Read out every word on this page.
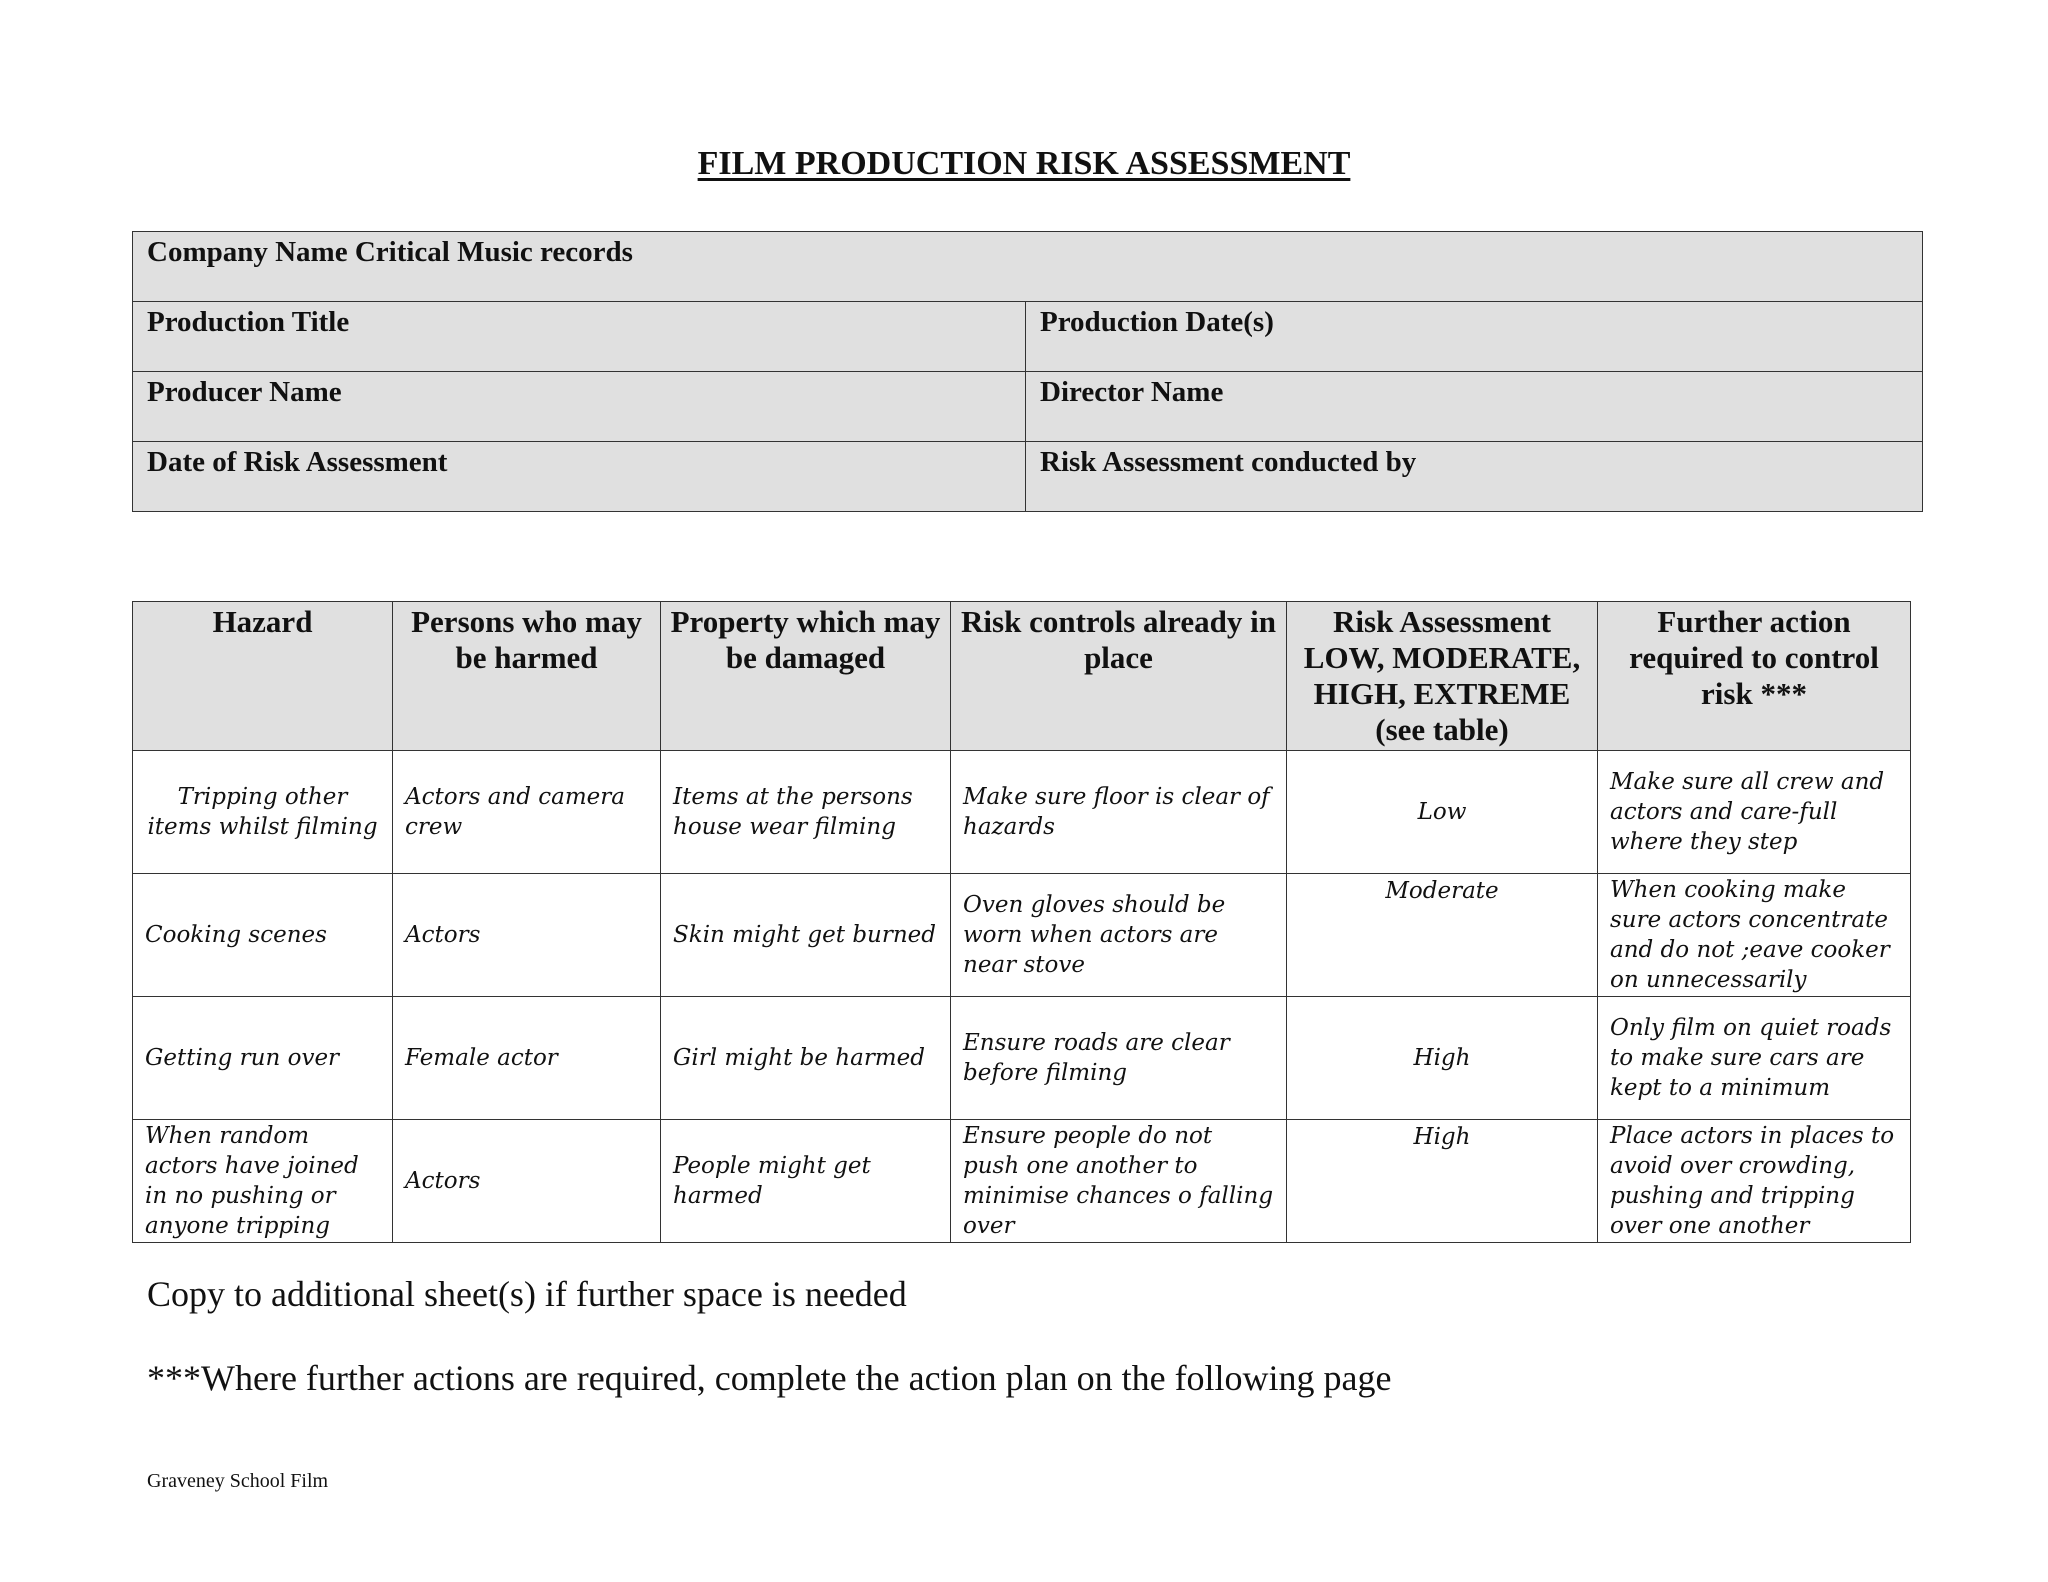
FILM PRODUCTION RISK ASSESSMENT
Company Name Critical Music records	
Production Title	Production Date(s)
Producer Name	Director Name
Date of Risk Assessment	Risk Assessment conducted by
Hazard	Persons who may be harmed	Property which may be damaged	Risk controls already in place	Risk Assessment LOW, MODERATE, HIGH, EXTREME (see table)	Further action required to control risk ***
Tripping other items whilst filming	Actors and camera crew	Items at the persons house wear filming	Make sure floor is clear of hazards	Low	Make sure all crew and actors and care-full where they step
Cooking scenes	Actors	Skin might get burned	Oven gloves should be worn when actors are near stove	Moderate	When cooking make sure actors concentrate and do not ;eave cooker on unnecessarily
Getting run over	Female actor	Girl might be harmed	Ensure roads are clear before filming	High	Only film on quiet roads to make sure cars are kept to a minimum
When random actors have joined in no pushing or anyone tripping	Actors	People might get harmed	Ensure people do not push one another to minimise chances o falling over	High	Place actors in places to avoid over crowding, pushing and tripping over one another
Copy to additional sheet(s) if further space is needed
***Where further actions are required, complete the action plan on the following page
Graveney School Film
